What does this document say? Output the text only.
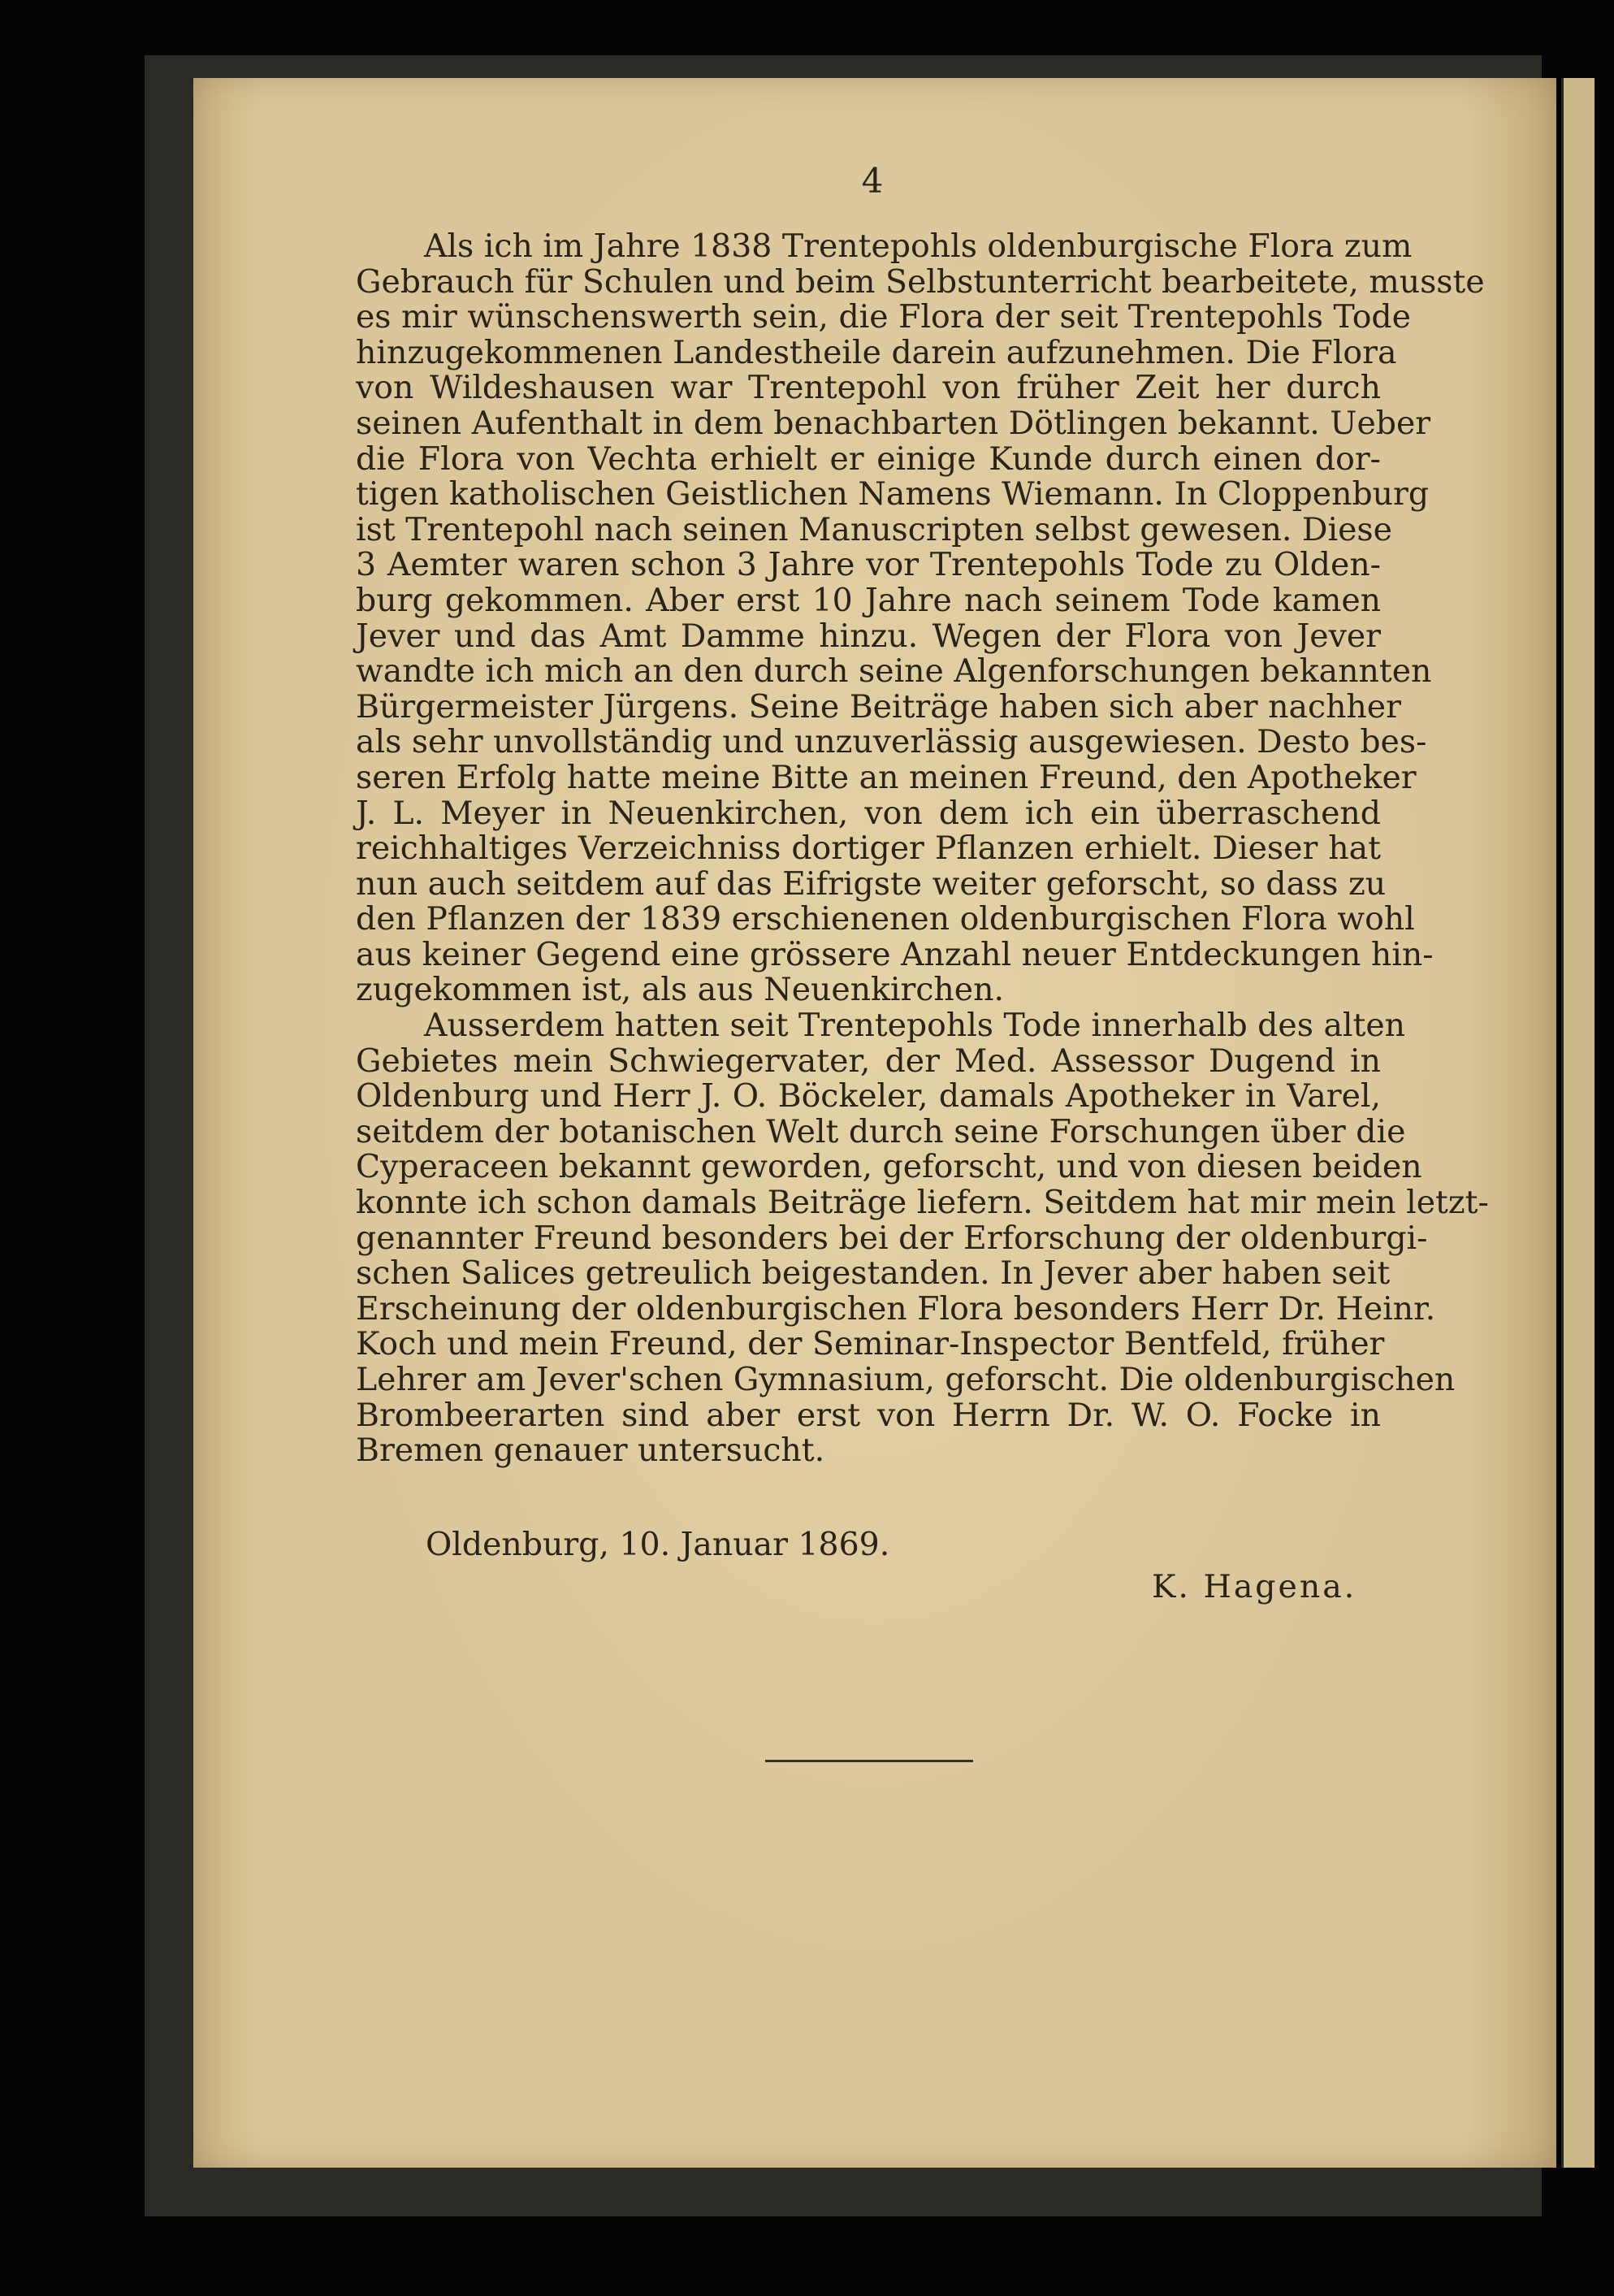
4
Als ich im Jahre 1838 Trentepohls oldenburgische Flora zum
Gebrauch für Schulen und beim Selbstunterricht bearbeitete, musste
es mir wünschenswerth sein, die Flora der seit Trentepohls Tode
hinzugekommenen Landestheile darein aufzunehmen. Die Flora
von Wildeshausen war Trentepohl von früher Zeit her durch
seinen Aufenthalt in dem benachbarten Dötlingen bekannt. Ueber
die Flora von Vechta erhielt er einige Kunde durch einen dor-
tigen katholischen Geistlichen Namens Wiemann. In Cloppenburg
ist Trentepohl nach seinen Manuscripten selbst gewesen. Diese
3 Aemter waren schon 3 Jahre vor Trentepohls Tode zu Olden-
burg gekommen. Aber erst 10 Jahre nach seinem Tode kamen
Jever und das Amt Damme hinzu. Wegen der Flora von Jever
wandte ich mich an den durch seine Algenforschungen bekannten
Bürgermeister Jürgens. Seine Beiträge haben sich aber nachher
als sehr unvollständig und unzuverlässig ausgewiesen. Desto bes-
seren Erfolg hatte meine Bitte an meinen Freund, den Apotheker
J. L. Meyer in Neuenkirchen, von dem ich ein überraschend
reichhaltiges Verzeichniss dortiger Pflanzen erhielt. Dieser hat
nun auch seitdem auf das Eifrigste weiter geforscht, so dass zu
den Pflanzen der 1839 erschienenen oldenburgischen Flora wohl
aus keiner Gegend eine grössere Anzahl neuer Entdeckungen hin-
zugekommen ist, als aus Neuenkirchen.
Ausserdem hatten seit Trentepohls Tode innerhalb des alten
Gebietes mein Schwiegervater, der Med. Assessor Dugend in
Oldenburg und Herr J. O. Böckeler, damals Apotheker in Varel,
seitdem der botanischen Welt durch seine Forschungen über die
Cyperaceen bekannt geworden, geforscht, und von diesen beiden
konnte ich schon damals Beiträge liefern. Seitdem hat mir mein letzt-
genannter Freund besonders bei der Erforschung der oldenburgi-
schen Salices getreulich beigestanden. In Jever aber haben seit
Erscheinung der oldenburgischen Flora besonders Herr Dr. Heinr.
Koch und mein Freund, der Seminar-Inspector Bentfeld, früher
Lehrer am Jever'schen Gymnasium, geforscht. Die oldenburgischen
Brombeerarten sind aber erst von Herrn Dr. W. O. Focke in
Bremen genauer untersucht.
Oldenburg, 10. Januar 1869.
K. Hagena.
